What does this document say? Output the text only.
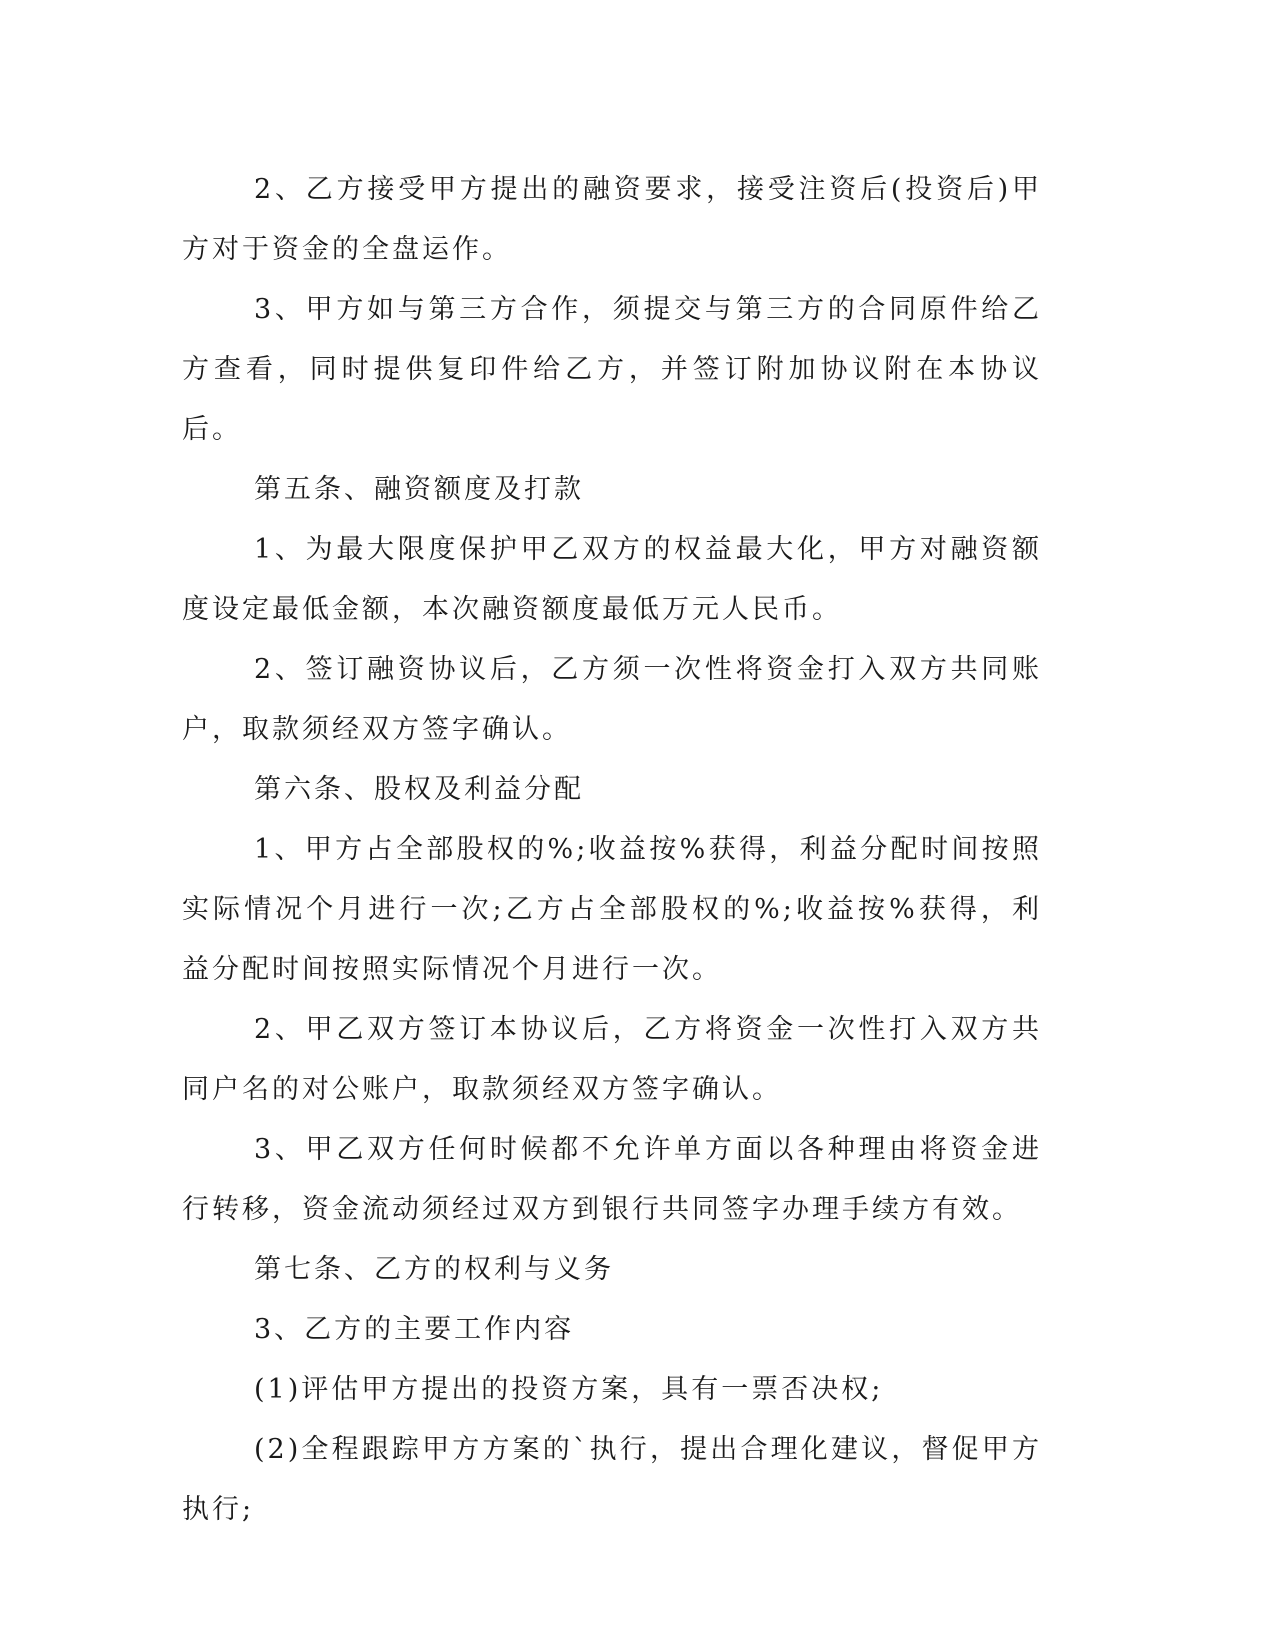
2、乙方接受甲方提出的融资要求，接受注资后(投资后)甲方对于资金的全盘运作。

3、甲方如与第三方合作，须提交与第三方的合同原件给乙方查看，同时提供复印件给乙方，并签订附加协议附在本协议后。

第五条、融资额度及打款

1、为最大限度保护甲乙双方的权益最大化，甲方对融资额度设定最低金额，本次融资额度最低万元人民币。

2、签订融资协议后，乙方须一次性将资金打入双方共同账户，取款须经双方签字确认。

第六条、股权及利益分配

1、甲方占全部股权的%;收益按%获得，利益分配时间按照实际情况个月进行一次;乙方占全部股权的%;收益按%获得，利益分配时间按照实际情况个月进行一次。

2、甲乙双方签订本协议后，乙方将资金一次性打入双方共同户名的对公账户，取款须经双方签字确认。

3、甲乙双方任何时候都不允许单方面以各种理由将资金进行转移，资金流动须经过双方到银行共同签字办理手续方有效。

第七条、乙方的权利与义务

3、乙方的主要工作内容

(1)评估甲方提出的投资方案，具有一票否决权;

(2)全程跟踪甲方方案的`执行，提出合理化建议，督促甲方执行;
